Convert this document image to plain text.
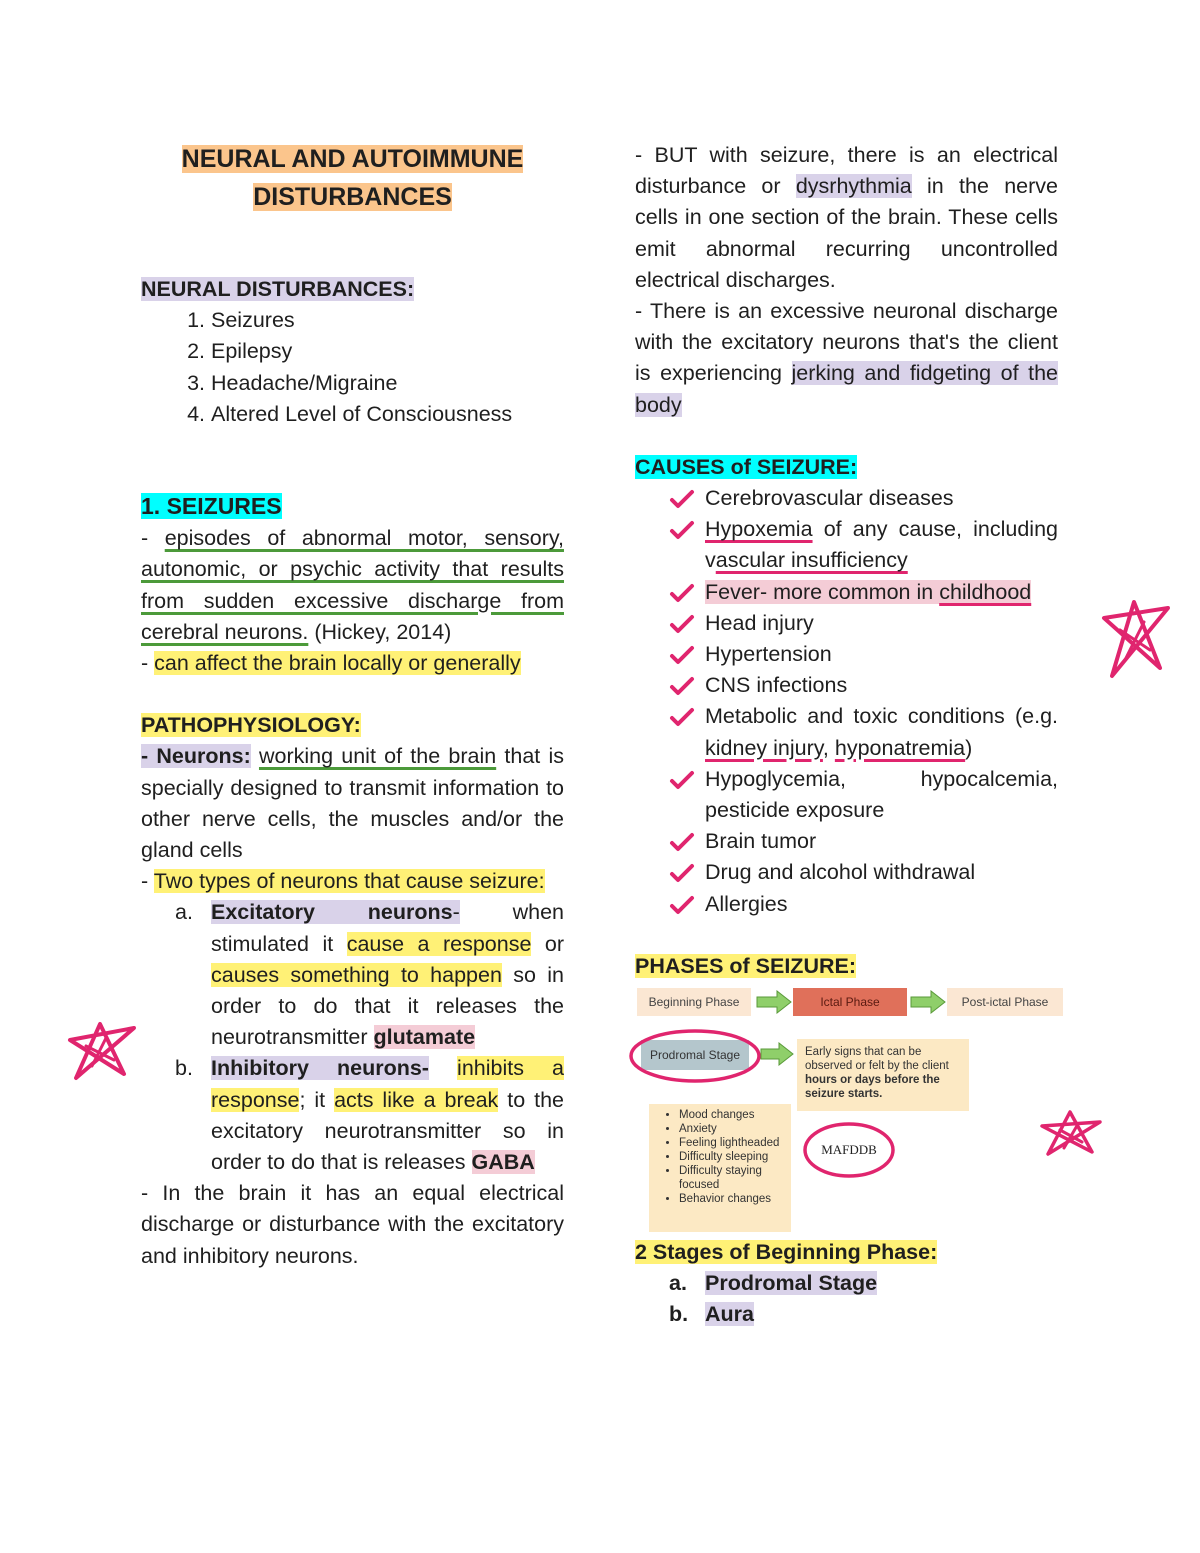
NEURAL AND AUTOIMMUNE
DISTURBANCES
NEURAL DISTURBANCES:
1. Seizures
2. Epilepsy
3. Headache/Migraine
4. Altered Level of Consciousness
1. SEIZURES
- episodes of abnormal motor, sensory, autonomic, or psychic activity that results from sudden excessive discharge from cerebral neurons. (Hickey, 2014)
- can affect the brain locally or generally
PATHOPHYSIOLOGY:
- Neurons: working unit of the brain that is specially designed to transmit information to other nerve cells, the muscles and/or the gland cells
- Two types of neurons that cause seizure:
a. Excitatory neurons- when stimulated it cause a response or causes something to happen so in order to do that it releases the neurotransmitter glutamate
b. Inhibitory neurons- inhibits a response; it acts like a break to the excitatory neurotransmitter so in order to do that is releases GABA
- In the brain it has an equal electrical discharge or disturbance with the excitatory and inhibitory neurons.
- BUT with seizure, there is an electrical disturbance or dysrhythmia in the nerve cells in one section of the brain. These cells emit abnormal recurring uncontrolled electrical discharges.
- There is an excessive neuronal discharge with the excitatory neurons that's the client is experiencing jerking and fidgeting of the body
CAUSES of SEIZURE:
Cerebrovascular diseases
Hypoxemia of any cause, including vascular insufficiency
Fever- more common in childhood
Head injury
Hypertension
CNS infections
Metabolic and toxic conditions (e.g. kidney injury, hyponatremia)
Hypoglycemia, hypocalcemia, pesticide exposure
Brain tumor
Drug and alcohol withdrawal
Allergies
PHASES of SEIZURE:
Beginning Phase	Ictal Phase	Post-ictal Phase
Prodromal Stage	Early signs that can be observed or felt by the client hours or days before the seizure starts.
• Mood changes
• Anxiety
• Feeling lightheaded
• Difficulty sleeping
• Difficulty staying focused
• Behavior changes
MAFDDB
2 Stages of Beginning Phase:
a. Prodromal Stage
b. Aura
